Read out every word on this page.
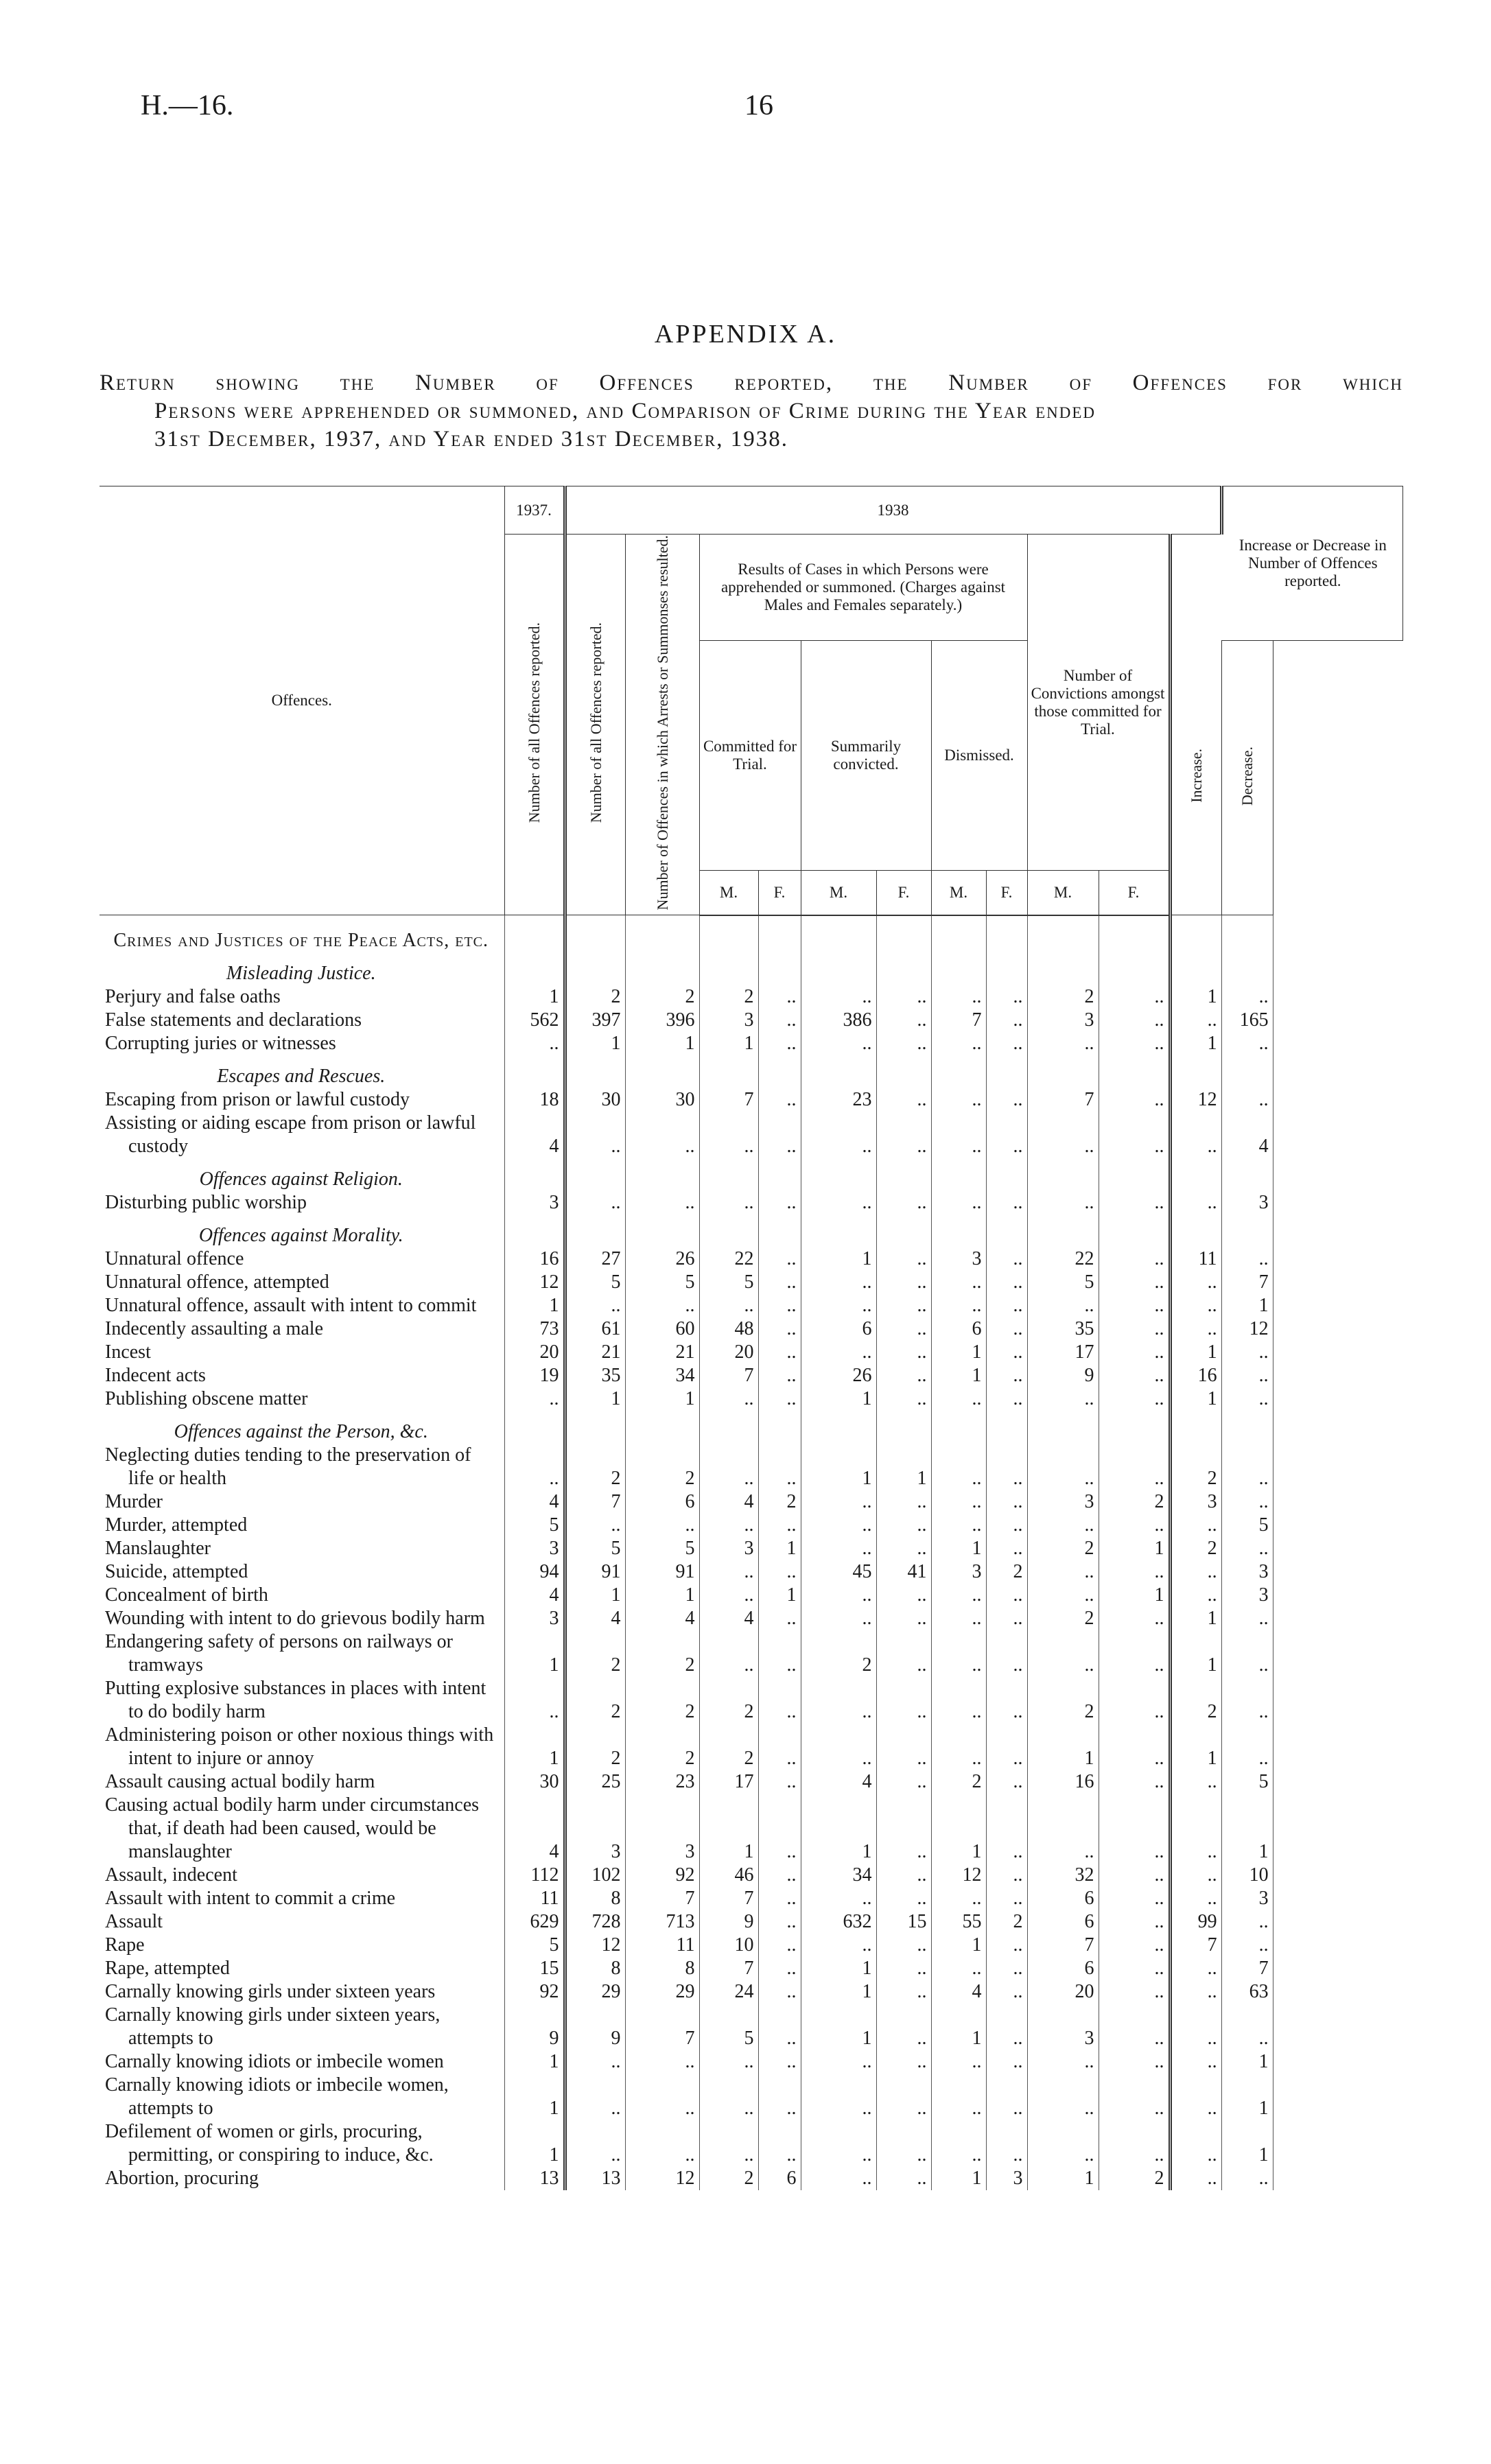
H.—16.	16
APPENDIX A.
Return showing the Number of Offences reported, the Number of Offences for which
Persons were apprehended or summoned, and Comparison of Crime during the Year ended
31st December, 1937, and Year ended 31st December, 1938.
Offences.	1937.	1938											Increase or Decrease in Number of Offences reported.
	Number of all Offences reported.	Number of all Offences reported.	Number of Offences in which Arrests or Summonses resulted.	Results of Cases in which Persons were apprehended or summoned. (Charges against Males and Females separately.)						Number of Convictions amongst those committed for Trial.			
				Committed for Trial.		Summarily convicted.		Dismissed.				Increase.	Decrease.
				M.	F.	M.	F.	M.	F.	M.	F.		

Crimes and Justices of the Peace Acts, etc.													

Misleading Justice.													

Perjury and false oaths	1	2	2	2	..	..	..	..	..	2	..	1	..

False statements and declarations	562	397	396	3	..	386	..	7	..	3	..	..	165

Corrupting juries or witnesses	..	1	1	1	..	..	..	..	..	..	..	1	..

Escapes and Rescues.													

Escaping from prison or lawful custody	18	30	30	7	..	23	..	..	..	7	..	12	..

Assisting or aiding escape from prison or lawful custody	4	..	..	..	..	..	..	..	..	..	..	..	4

Offences against Religion.													

Disturbing public worship	3	..	..	..	..	..	..	..	..	..	..	..	3

Offences against Morality.													

Unnatural offence	16	27	26	22	..	1	..	3	..	22	..	11	..

Unnatural offence, attempted	12	5	5	5	..	..	..	..	..	5	..	..	7

Unnatural offence, assault with intent to commit	1	..	..	..	..	..	..	..	..	..	..	..	1

Indecently assaulting a male	73	61	60	48	..	6	..	6	..	35	..	..	12

Incest	20	21	21	20	..	..	..	1	..	17	..	1	..

Indecent acts	19	35	34	7	..	26	..	1	..	9	..	16	..

Publishing obscene matter	..	1	1	..	..	1	..	..	..	..	..	1	..

Offences against the Person, &c.													

Neglecting duties tending to the preservation of life or health	..	2	2	..	..	1	1	..	..	..	..	2	..

Murder	4	7	6	4	2	..	..	..	..	3	2	3	..

Murder, attempted	5	..	..	..	..	..	..	..	..	..	..	..	5

Manslaughter	3	5	5	3	1	..	..	1	..	2	1	2	..

Suicide, attempted	94	91	91	..	..	45	41	3	2	..	..	..	3

Concealment of birth	4	1	1	..	1	..	..	..	..	..	1	..	3

Wounding with intent to do grievous bodily harm	3	4	4	4	..	..	..	..	..	2	..	1	..

Endangering safety of persons on railways or tramways	1	2	2	..	..	2	..	..	..	..	..	1	..

Putting explosive substances in places with intent to do bodily harm	..	2	2	2	..	..	..	..	..	2	..	2	..

Administering poison or other noxious things with intent to injure or annoy	1	2	2	2	..	..	..	..	..	1	..	1	..

Assault causing actual bodily harm	30	25	23	17	..	4	..	2	..	16	..	..	5

Causing actual bodily harm under circumstances that, if death had been caused, would be manslaughter	4	3	3	1	..	1	..	1	..	..	..	..	1

Assault, indecent	112	102	92	46	..	34	..	12	..	32	..	..	10

Assault with intent to commit a crime	11	8	7	7	..	..	..	..	..	6	..	..	3

Assault	629	728	713	9	..	632	15	55	2	6	..	99	..

Rape	5	12	11	10	..	..	..	1	..	7	..	7	..

Rape, attempted	15	8	8	7	..	1	..	..	..	6	..	..	7

Carnally knowing girls under sixteen years	92	29	29	24	..	1	..	4	..	20	..	..	63

Carnally knowing girls under sixteen years, attempts to	9	9	7	5	..	1	..	1	..	3	..	..	..

Carnally knowing idiots or imbecile women	1	..	..	..	..	..	..	..	..	..	..	..	1

Carnally knowing idiots or imbecile women, attempts to	1	..	..	..	..	..	..	..	..	..	..	..	1

Defilement of women or girls, procuring, permitting, or conspiring to induce, &c.	1	..	..	..	..	..	..	..	..	..	..	..	1

Abortion, procuring	13	13	12	2	6	..	..	1	3	1	2	..	..
